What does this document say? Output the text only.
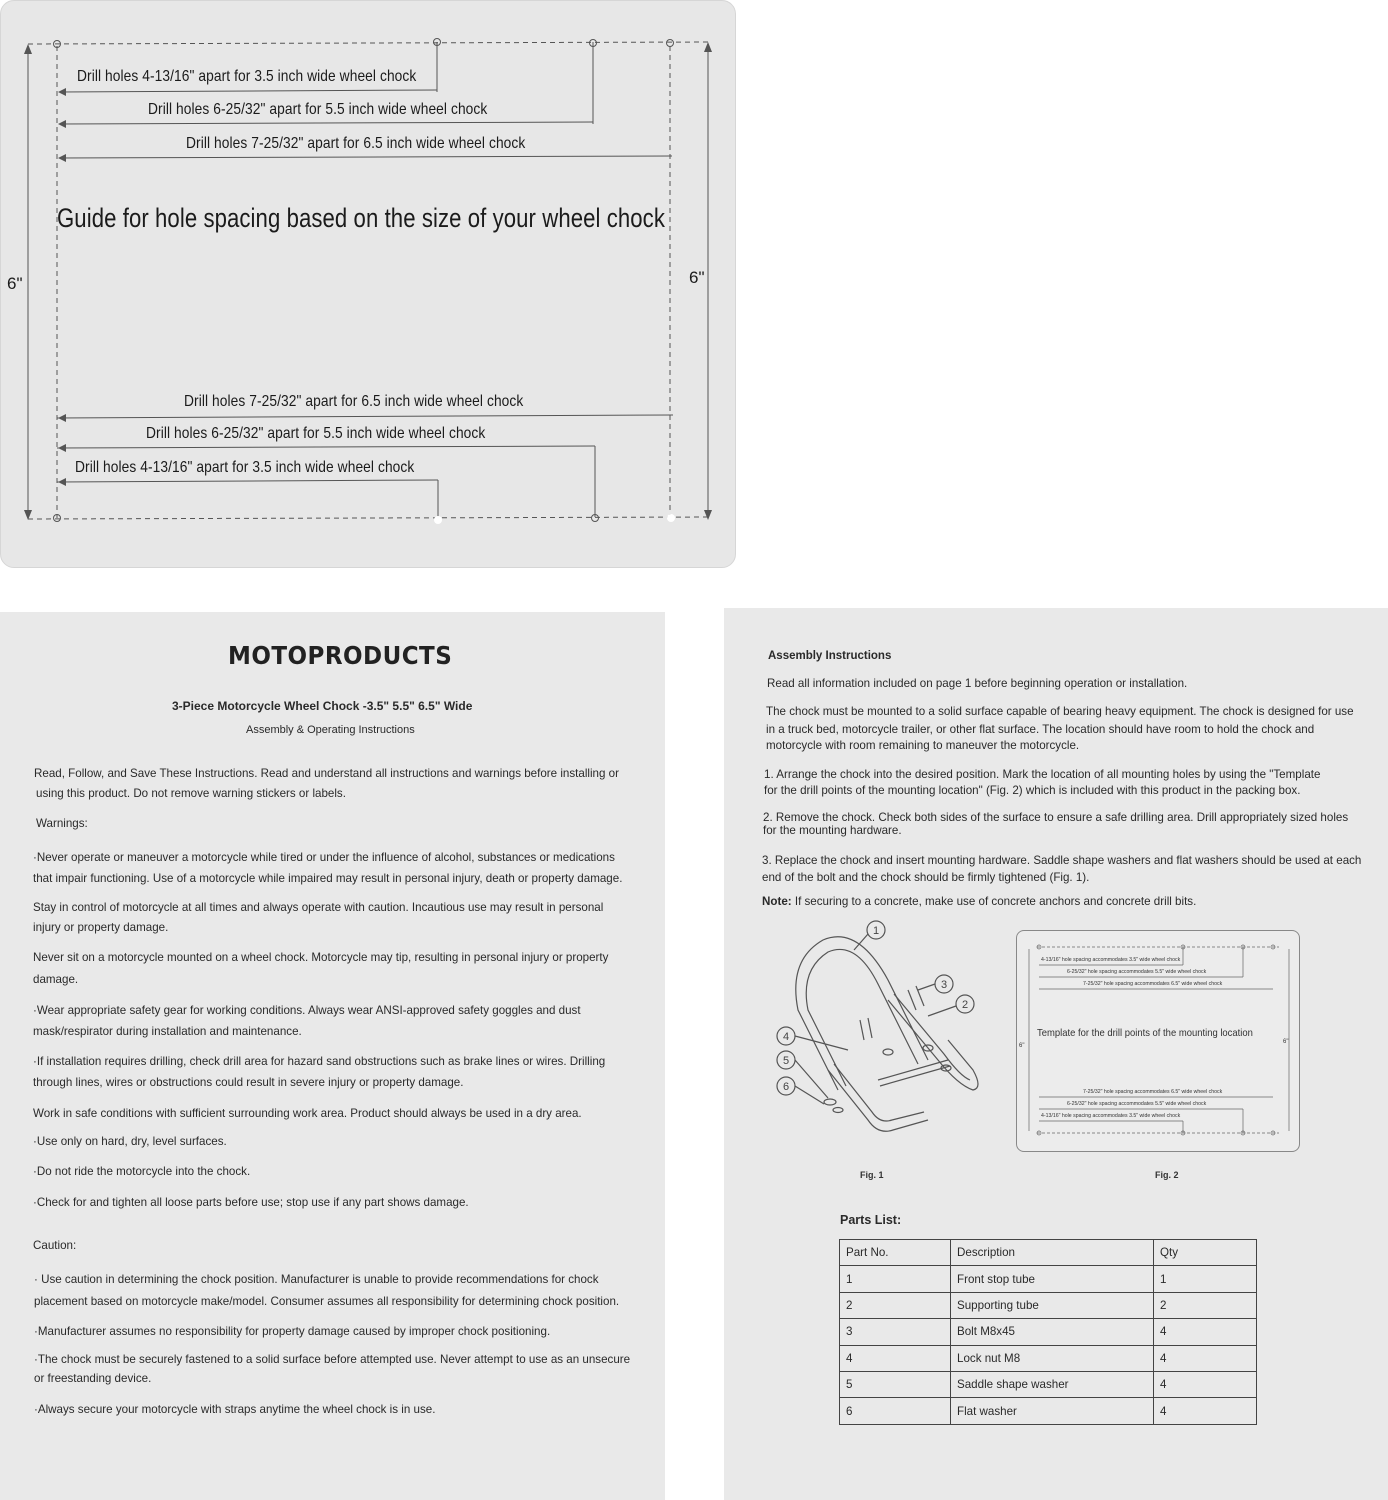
Drill holes 4-13/16" apart for 3.5 inch wide wheel chock
Drill holes 6-25/32" apart for 5.5 inch wide wheel chock
Drill holes 7-25/32" apart for 6.5 inch wide wheel chock
Guide for hole spacing based on the size of your wheel chock
6"	6"
Drill holes 7-25/32" apart for 6.5 inch wide wheel chock
Drill holes 6-25/32" apart for 5.5 inch wide wheel chock
Drill holes 4-13/16" apart for 3.5 inch wide wheel chock
MOTOPRODUCTS
3-Piece Motorcycle Wheel Chock -3.5" 5.5" 6.5" Wide
Assembly & Operating Instructions
Read, Follow, and Save These Instructions. Read and understand all instructions and warnings before installing or
using this product. Do not remove warning stickers or labels.
Warnings:
·Never operate or maneuver a motorcycle while tired or under the influence of alcohol, substances or medications
that impair functioning. Use of a motorcycle while impaired may result in personal injury, death or property damage.
Stay in control of motorcycle at all times and always operate with caution. Incautious use may result in personal
injury or property damage.
Never sit on a motorcycle mounted on a wheel chock. Motorcycle may tip, resulting in personal injury or property
damage.
·Wear appropriate safety gear for working conditions. Always wear ANSI-approved safety goggles and dust
mask/respirator during installation and maintenance.
·If installation requires drilling, check drill area for hazard sand obstructions such as brake lines or wires. Drilling
through lines, wires or obstructions could result in severe injury or property damage.
Work in safe conditions with sufficient surrounding work area. Product should always be used in a dry area.
·Use only on hard, dry, level surfaces.
·Do not ride the motorcycle into the chock.
·Check for and tighten all loose parts before use; stop use if any part shows damage.
Caution:
· Use caution in determining the chock position. Manufacturer is unable to provide recommendations for chock
placement based on motorcycle make/model. Consumer assumes all responsibility for determining chock position.
·Manufacturer assumes no responsibility for property damage caused by improper chock positioning.
·The chock must be securely fastened to a solid surface before attempted use. Never attempt to use as an unsecure
or freestanding device.
·Always secure your motorcycle with straps anytime the wheel chock is in use.
Assembly Instructions
Read all information included on page 1 before beginning operation or installation.
The chock must be mounted to a solid surface capable of bearing heavy equipment. The chock is designed for use
in a truck bed, motorcycle trailer, or other flat surface. The location should have room to hold the chock and
motorcycle with room remaining to maneuver the motorcycle.
1. Arrange the chock into the desired position. Mark the location of all mounting holes by using the "Template
for the drill points of the mounting location" (Fig. 2) which is included with this product in the packing box.
2. Remove the chock. Check both sides of the surface to ensure a safe drilling area. Drill appropriately sized holes
for the mounting hardware.
3. Replace the chock and insert mounting hardware. Saddle shape washers and flat washers should be used at each
end of the bolt and the chock should be firmly tightened (Fig. 1).
Note: If securing to a concrete, make use of concrete anchors and concrete drill bits.
1
2
3
4
5
6
Fig. 1
4-13/16" hole spacing accommodates 3.5" wide wheel chock
6-25/32" hole spacing accommodates 5.5" wide wheel chock
7-25/32" hole spacing accommodates 6.5" wide wheel chock
Template for the drill points of the mounting location
6"
6"
7-25/32" hole spacing accommodates 6.5" wide wheel chock
6-25/32" hole spacing accommodates 5.5" wide wheel chock
4-13/16" hole spacing accommodates 3.5" wide wheel chock
Fig. 2
Parts List:
Part No.	Description	Qty
1	Front stop tube	1
2	Supporting tube	2
3	Bolt M8x45	4
4	Lock nut M8	4
5	Saddle shape washer	4
6	Flat washer	4
